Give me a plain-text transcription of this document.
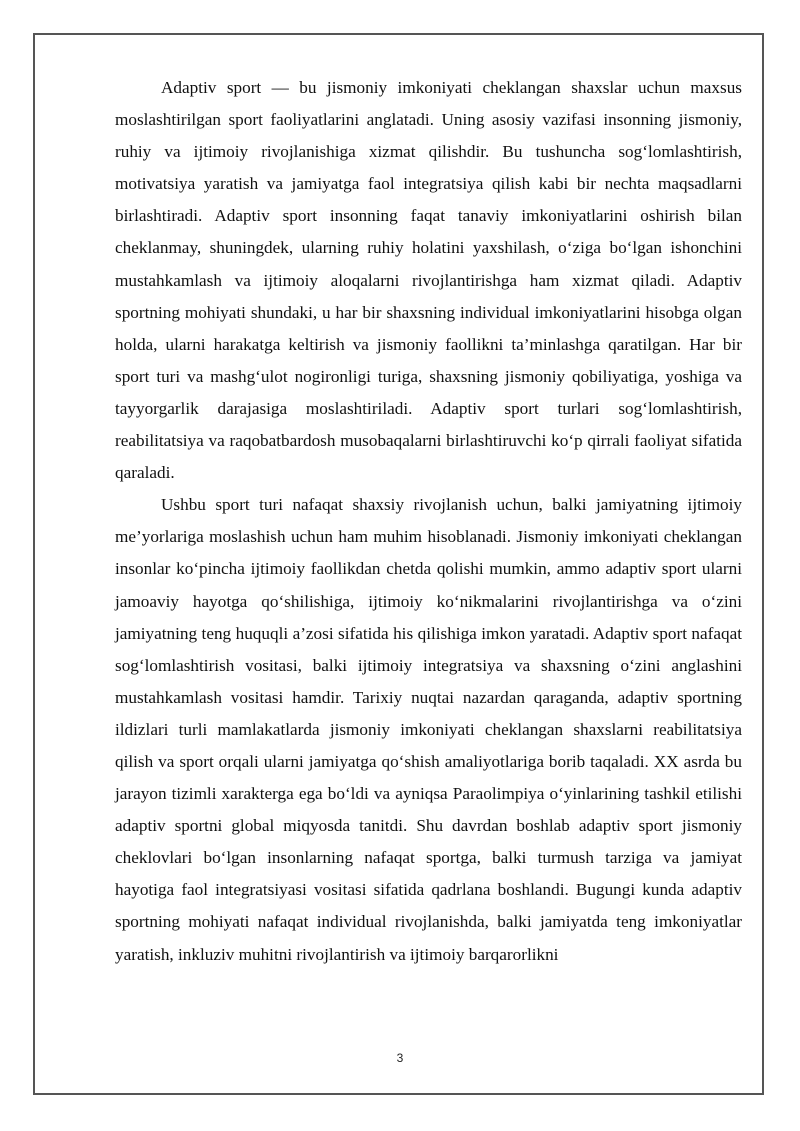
Adaptiv sport — bu jismoniy imkoniyati cheklangan shaxslar uchun maxsus moslashtirilgan sport faoliyatlarini anglatadi. Uning asosiy vazifasi insonning jismoniy, ruhiy va ijtimoiy rivojlanishiga xizmat qilishdir. Bu tushuncha sog‘lomlashtirish, motivatsiya yaratish va jamiyatga faol integratsiya qilish kabi bir nechta maqsadlarni birlashtiradi. Adaptiv sport insonning faqat tanaviy imkoniyatlarini oshirish bilan cheklanmay, shuningdek, ularning ruhiy holatini yaxshilash, o‘ziga bo‘lgan ishonchini mustahkamlash va ijtimoiy aloqalarni rivojlantirishga ham xizmat qiladi. Adaptiv sportning mohiyati shundaki, u har bir shaxsning individual imkoniyatlarini hisobga olgan holda, ularni harakatga keltirish va jismoniy faollikni ta’minlashga qaratilgan. Har bir sport turi va mashg‘ulot nogironligi turiga, shaxsning jismoniy qobiliyatiga, yoshiga va tayyorgarlik darajasiga moslashtiriladi. Adaptiv sport turlari sog‘lomlashtirish, reabilitatsiya va raqobatbardosh musobaqalarni birlashtiruvchi ko‘p qirrali faoliyat sifatida qaraladi.

Ushbu sport turi nafaqat shaxsiy rivojlanish uchun, balki jamiyatning ijtimoiy me’yorlariga moslashish uchun ham muhim hisoblanadi. Jismoniy imkoniyati cheklangan insonlar ko‘pincha ijtimoiy faollikdan chetda qolishi mumkin, ammo adaptiv sport ularni jamoaviy hayotga qo‘shilishiga, ijtimoiy ko‘nikmalarini rivojlantirishga va o‘zini jamiyatning teng huquqli a’zosi sifatida his qilishiga imkon yaratadi. Adaptiv sport nafaqat sog‘lomlashtirish vositasi, balki ijtimoiy integratsiya va shaxsning o‘zini anglashini mustahkamlash vositasi hamdir. Tarixiy nuqtai nazardan qaraganda, adaptiv sportning ildizlari turli mamlakatlarda jismoniy imkoniyati cheklangan shaxslarni reabilitatsiya qilish va sport orqali ularni jamiyatga qo‘shish amaliyotlariga borib taqaladi. XX asrda bu jarayon tizimli xarakterga ega bo‘ldi va ayniqsa Paraolimpiya o‘yinlarining tashkil etilishi adaptiv sportni global miqyosda tanitdi. Shu davrdan boshlab adaptiv sport jismoniy cheklovlari bo‘lgan insonlarning nafaqat sportga, balki turmush tarziga va jamiyat hayotiga faol integratsiyasi vositasi sifatida qadrlana boshlandi. Bugungi kunda adaptiv sportning mohiyati nafaqat individual rivojlanishda, balki jamiyatda teng imkoniyatlar yaratish, inkluziv muhitni rivojlantirish va ijtimoiy barqarorlikni

3
